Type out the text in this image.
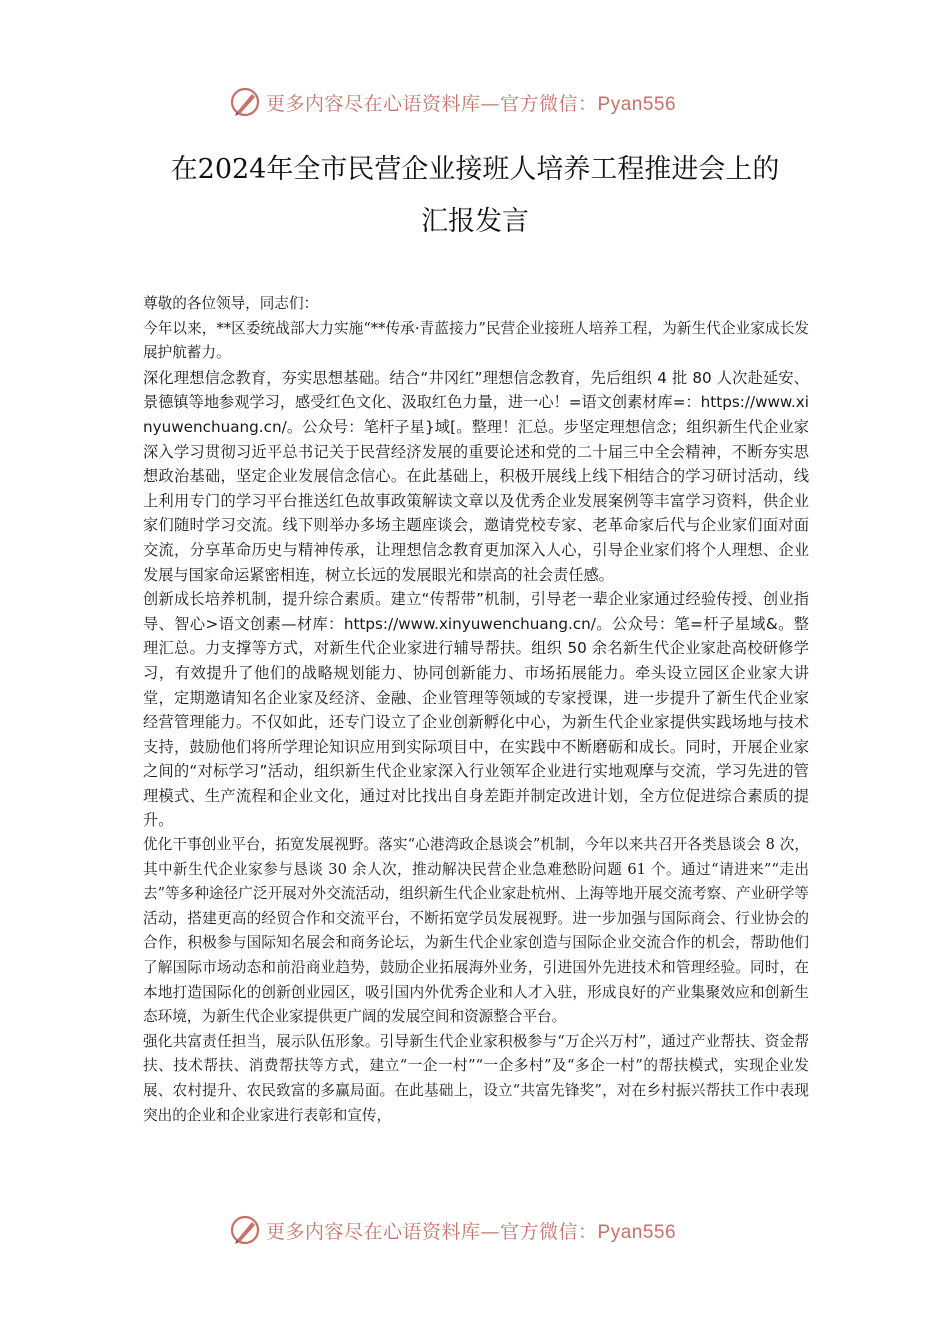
更多内容尽在心语资料库—官方微信：Pyan556
在2024年全市民营企业接班人培养工程推进会上的
汇报发言

尊敬的各位领导，同志们：

今年以来，**区委统战部大力实施“**传承·青蓝接力”民营企业接班人培养工程，为新生代企业家成长发展护航蓄力。

深化理想信念教育，夯实思想基础。结合“井冈红”理想信念教育，先后组织 4 批 80 人次赴延安、景德镇等地参观学习，感受红色文化、汲取红色力量，进一心！=语文创素材库=：https://www.xinyuwenchuang.cn/。公众号：笔杆子星}域[。整理！汇总。步坚定理想信念；组织新生代企业家深入学习贯彻习近平总书记关于民营经济发展的重要论述和党的二十届三中全会精神，不断夯实思想政治基础，坚定企业发展信念信心。在此基础上，积极开展线上线下相结合的学习研讨活动，线上利用专门的学习平台推送红色故事政策解读文章以及优秀企业发展案例等丰富学习资料，供企业家们随时学习交流。线下则举办多场主题座谈会，邀请党校专家、老革命家后代与企业家们面对面交流，分享革命历史与精神传承，让理想信念教育更加深入人心，引导企业家们将个人理想、企业发展与国家命运紧密相连，树立长远的发展眼光和崇高的社会责任感。

创新成长培养机制，提升综合素质。建立“传帮带”机制，引导老一辈企业家通过经验传授、创业指导、智心>语文创素—材库：https://www.xinyuwenchuang.cn/。公众号：笔=杆子星域&。整理汇总。力支撑等方式，对新生代企业家进行辅导帮扶。组织 50 余名新生代企业家赴高校研修学习，有效提升了他们的战略规划能力、协同创新能力、市场拓展能力。牵头设立园区企业家大讲堂，定期邀请知名企业家及经济、金融、企业管理等领域的专家授课，进一步提升了新生代企业家经营管理能力。不仅如此，还专门设立了企业创新孵化中心，为新生代企业家提供实践场地与技术支持，鼓励他们将所学理论知识应用到实际项目中，在实践中不断磨砺和成长。同时，开展企业家之间的“对标学习”活动，组织新生代企业家深入行业领军企业进行实地观摩与交流，学习先进的管理模式、生产流程和企业文化，通过对比找出自身差距并制定改进计划，全方位促进综合素质的提升。

优化干事创业平台，拓宽发展视野。落实“心港湾政企恳谈会”机制，今年以来共召开各类恳谈会 8 次，其中新生代企业家参与恳谈 30 余人次，推动解决民营企业急难愁盼问题 61 个。通过“请进来”“走出去”等多种途径广泛开展对外交流活动，组织新生代企业家赴杭州、上海等地开展交流考察、产业研学等活动，搭建更高的经贸合作和交流平台，不断拓宽学员发展视野。进一步加强与国际商会、行业协会的合作，积极参与国际知名展会和商务论坛，为新生代企业家创造与国际企业交流合作的机会，帮助他们了解国际市场动态和前沿商业趋势，鼓励企业拓展海外业务，引进国外先进技术和管理经验。同时，在本地打造国际化的创新创业园区，吸引国内外优秀企业和人才入驻，形成良好的产业集聚效应和创新生态环境，为新生代企业家提供更广阔的发展空间和资源整合平台。

强化共富责任担当，展示队伍形象。引导新生代企业家积极参与“万企兴万村”，通过产业帮扶、资金帮扶、技术帮扶、消费帮扶等方式，建立“一企一村”“一企多村”及“多企一村”的帮扶模式，实现企业发展、农村提升、农民致富的多赢局面。在此基础上，设立“共富先锋奖”，对在乡村振兴帮扶工作中表现突出的企业和企业家进行表彰和宣传，

更多内容尽在心语资料库—官方微信：Pyan556
